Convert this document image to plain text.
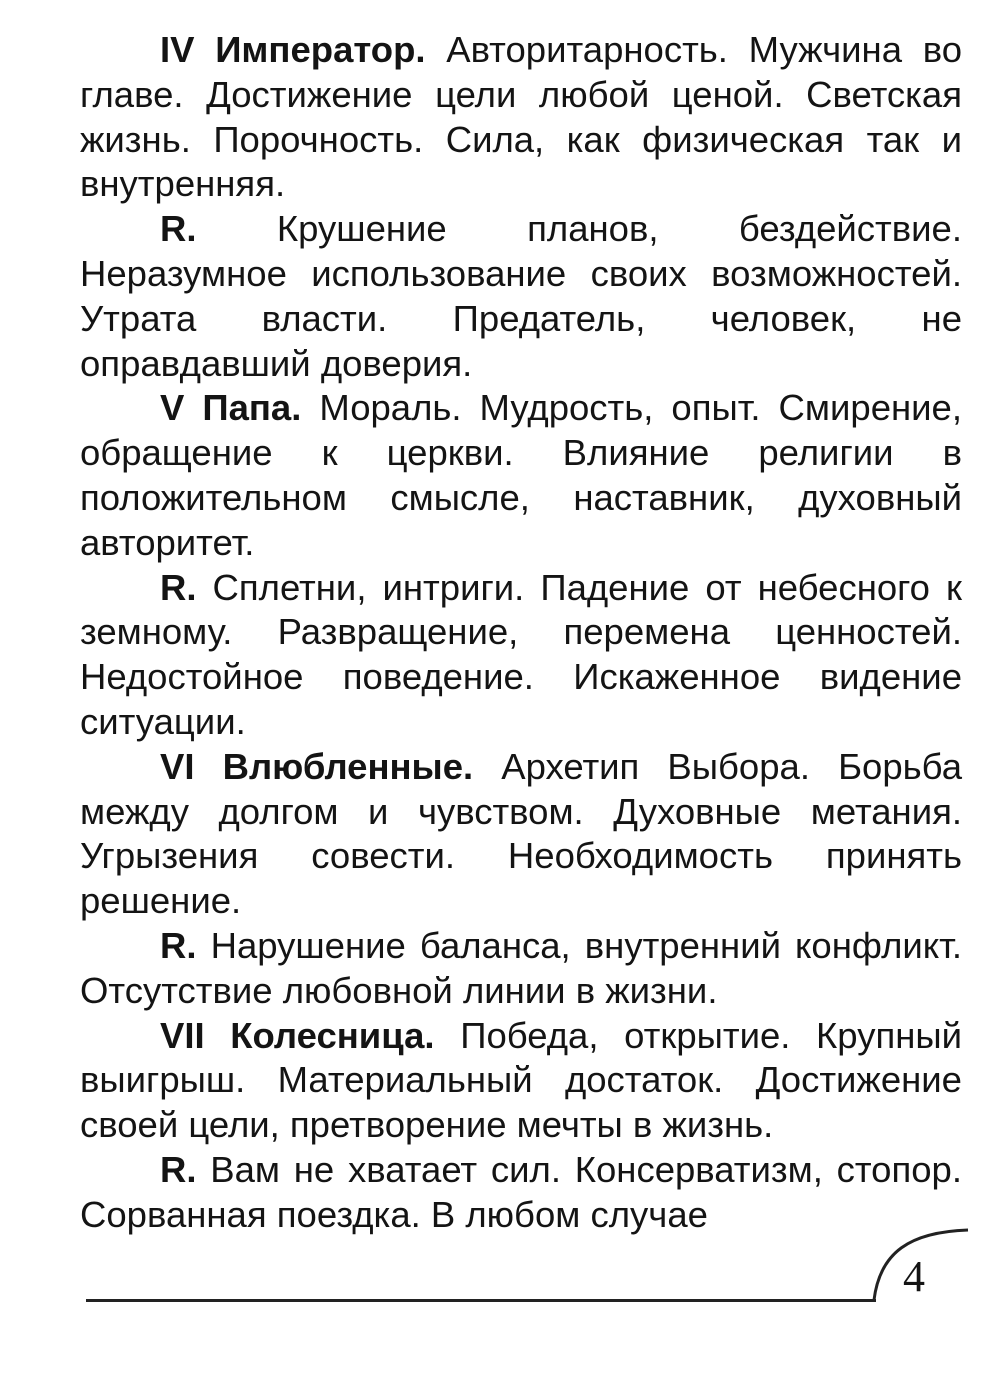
IV Император. Авторитарность. Мужчина во главе. Достижение цели любой ценой. Светская жизнь. Порочность. Сила, как физическая так и внутренняя.

R. Крушение планов, бездействие. Неразумное использование своих возможностей. Утрата власти. Предатель, человек, не оправдавший доверия.

V Папа. Мораль. Мудрость, опыт. Смирение, обращение к церкви. Влияние религии в положительном смысле, наставник, духовный авторитет.

R. Сплетни, интриги. Падение от небесного к земному. Развращение, перемена ценностей. Недостойное поведение. Искаженное видение ситуации.

VI Влюбленные. Архетип Выбора. Борьба между долгом и чувством. Духовные метания. Угрызения совести. Необходимость принять решение.

R. Нарушение баланса, внутренний конфликт. Отсутствие любовной линии в жизни.

VII Колесница. Победа, открытие. Крупный выигрыш. Материальный достаток. Достижение своей цели, претворение мечты в жизнь.

R. Вам не хватает сил. Консерватизм, стопор. Сорванная поездка. В любом случае

4
